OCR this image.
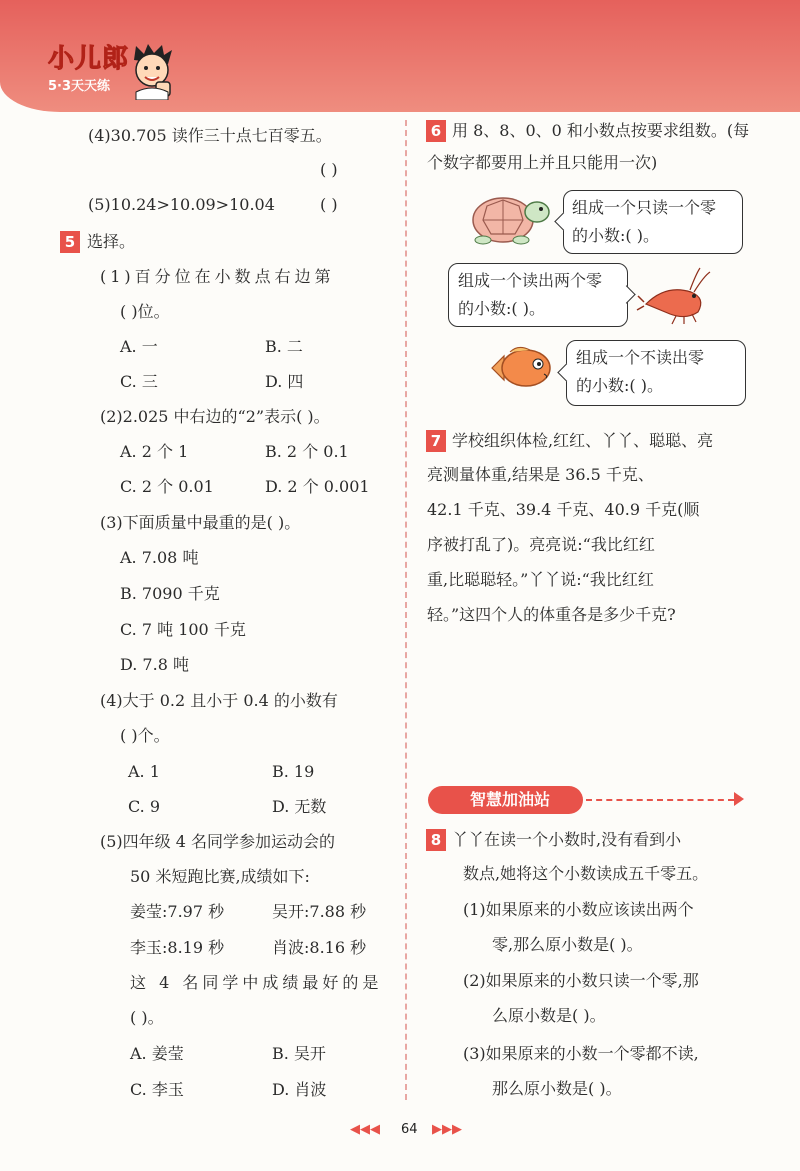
小儿郎
5·3天天练
(4)30.705 读作三十点七百零五。
( )
(5)10.24>10.09>10.04	( )
5 选择。
(1)百分位在小数点右边第
( )位。
A. 一	B. 二
C. 三	D. 四
(2)2.025 中右边的“2”表示( )。
A. 2 个 1	B. 2 个 0.1
C. 2 个 0.01	D. 2 个 0.001
(3)下面质量中最重的是( )。
A. 7.08 吨
B. 7090 千克
C. 7 吨 100 千克
D. 7.8 吨
(4)大于 0.2 且小于 0.4 的小数有
( )个。
A. 1	B. 19
C. 9	D. 无数
(5)四年级 4 名同学参加运动会的
50 米短跑比赛,成绩如下:
姜莹:7.97 秒	吴开:7.88 秒
李玉:8.19 秒	肖波:8.16 秒
这 4 名同学中成绩最好的是
( )。
A. 姜莹	B. 吴开
C. 李玉	D. 肖波
6 用 8、8、0、0 和小数点按要求组数。(每
个数字都要用上并且只能用一次)
组成一个只读一个零
的小数:( )。
组成一个读出两个零
的小数:( )。
组成一个不读出零
的小数:( )。
7 学校组织体检,红红、丫丫、聪聪、亮
亮测量体重,结果是 36.5 千克、
42.1 千克、39.4 千克、40.9 千克(顺
序被打乱了)。亮亮说:“我比红红
重,比聪聪轻。”丫丫说:“我比红红
轻。”这四个人的体重各是多少千克?
智慧加油站
8 丫丫在读一个小数时,没有看到小
数点,她将这个小数读成五千零五。
(1)如果原来的小数应该读出两个
零,那么原小数是( )。
(2)如果原来的小数只读一个零,那
么原小数是( )。
(3)如果原来的小数一个零都不读,
那么原小数是( )。
◀◀◀ 64 ▶▶▶
